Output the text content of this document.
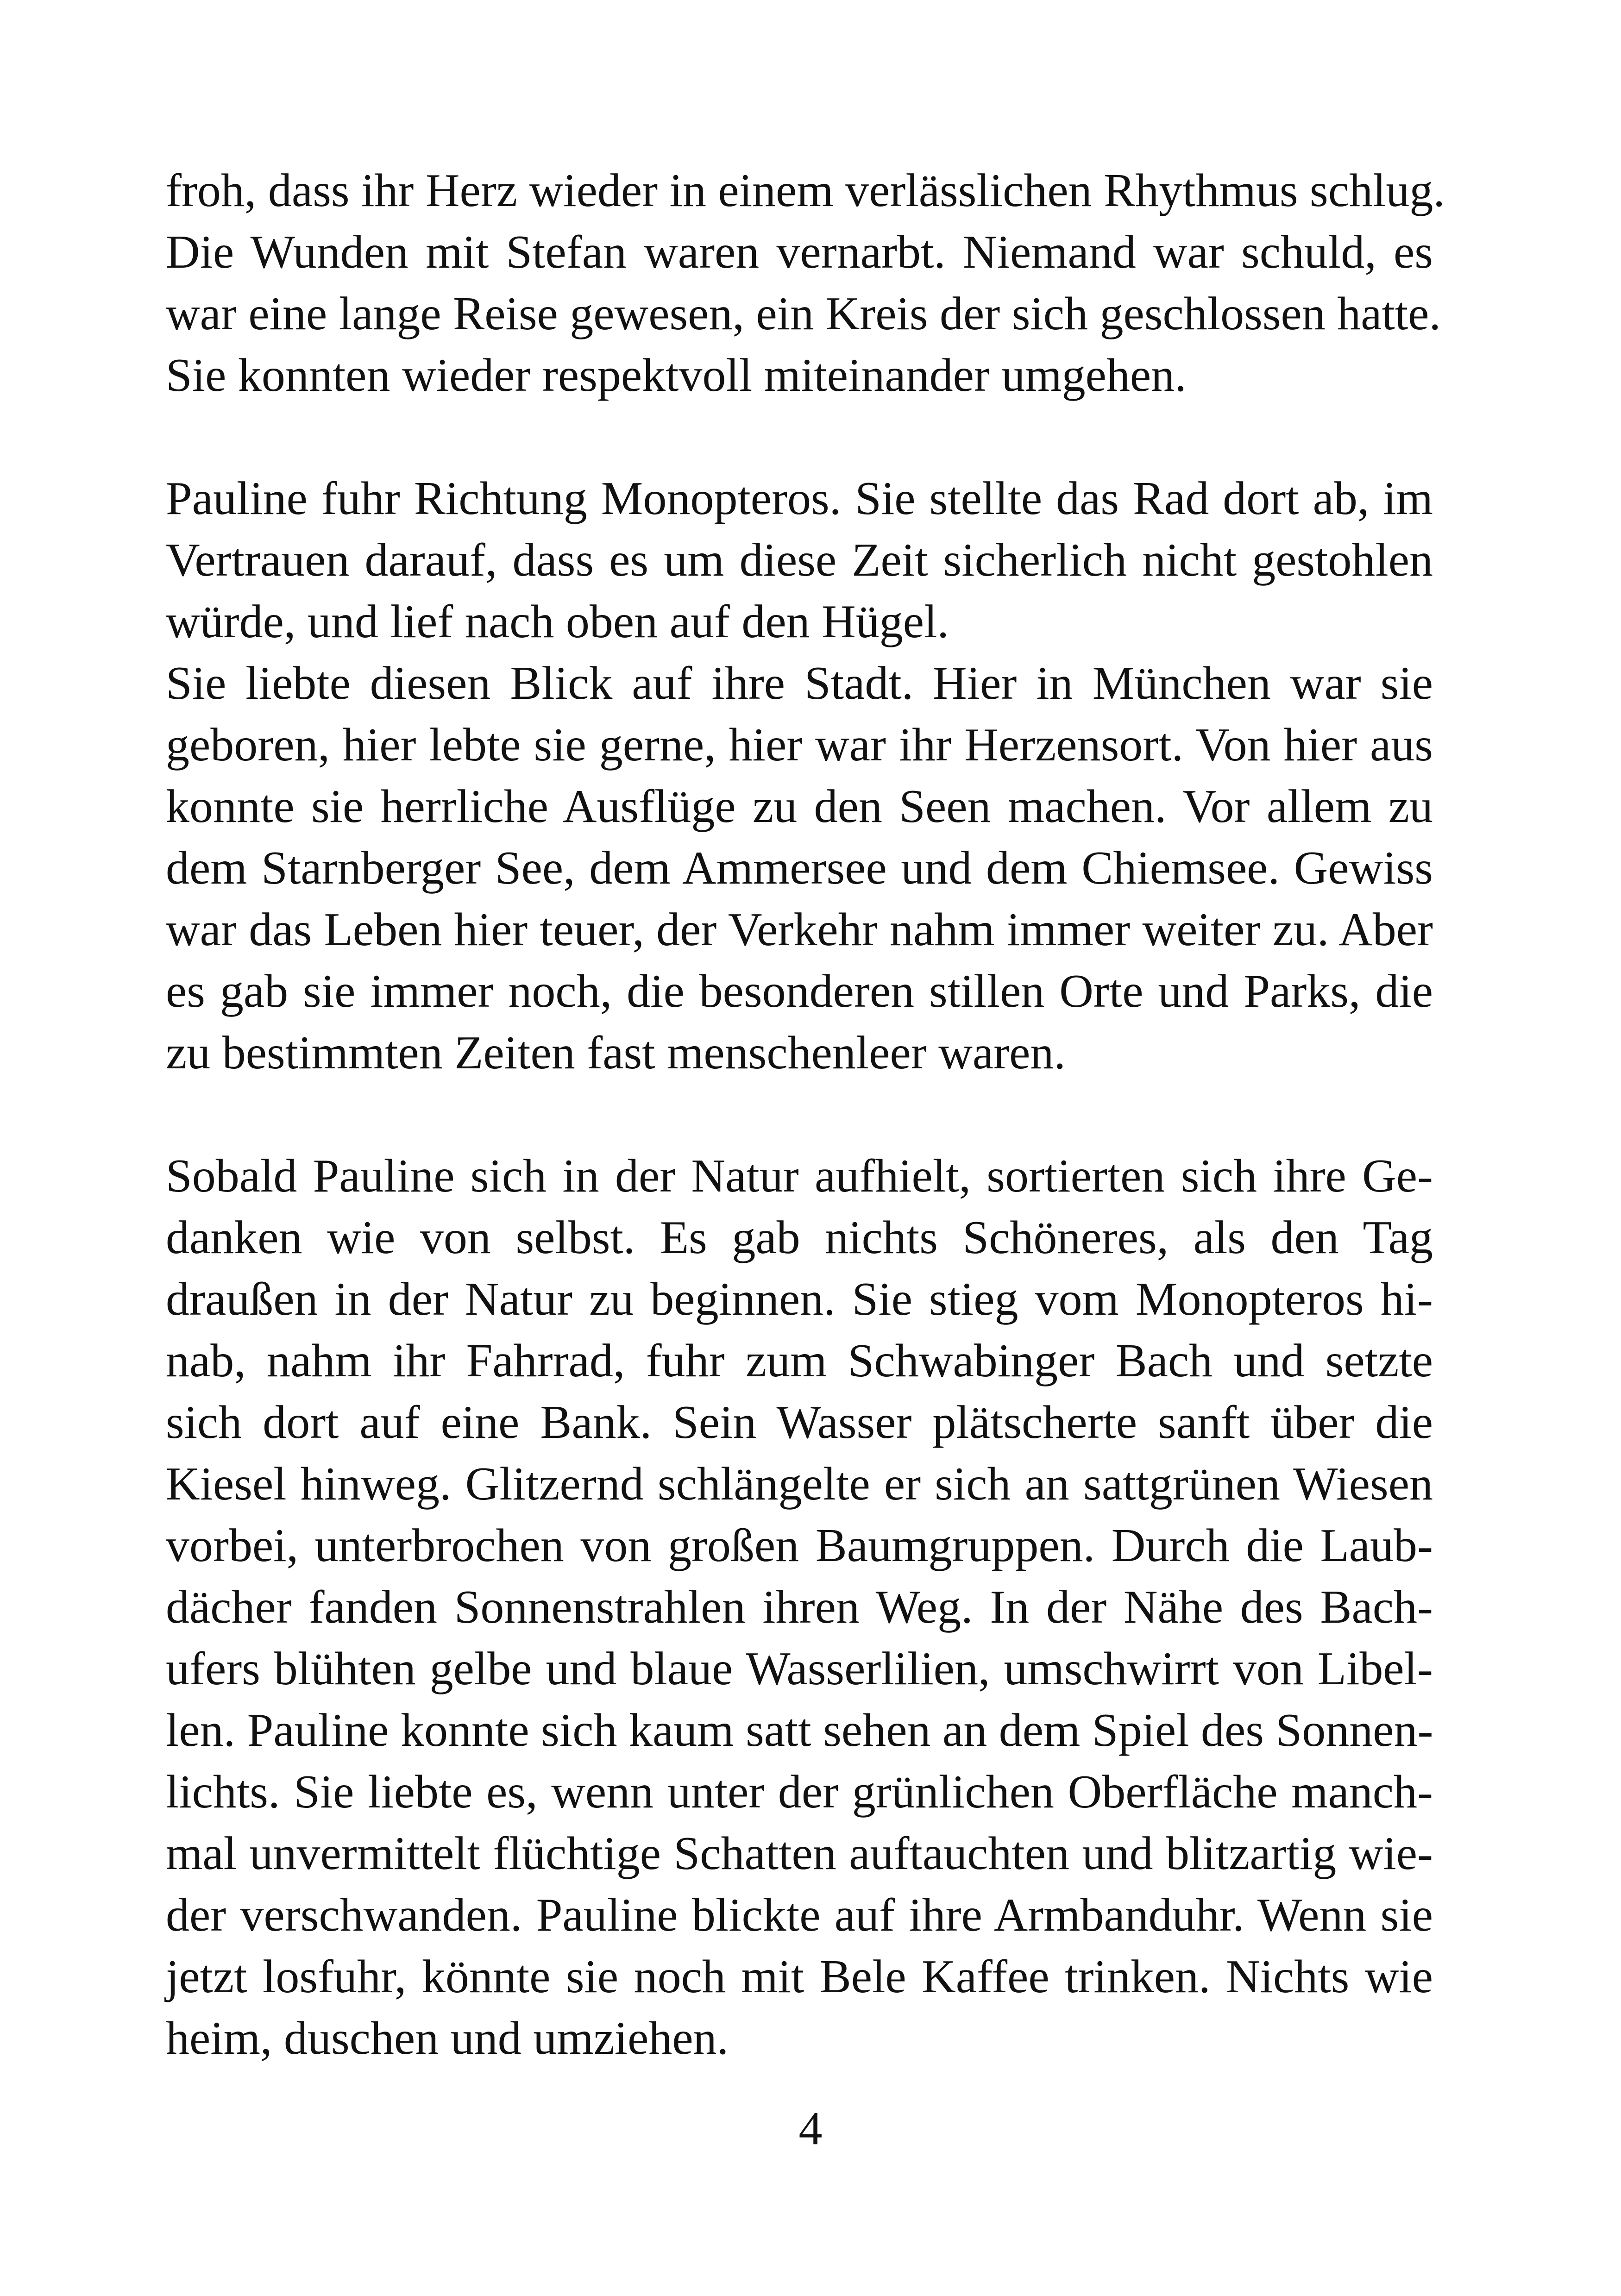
froh, dass ihr Herz wieder in einem verlässlichen Rhythmus schlug.
Die Wunden mit Stefan waren vernarbt. Niemand war schuld, es
war eine lange Reise gewesen, ein Kreis der sich geschlossen hatte.
Sie konnten wieder respektvoll miteinander umgehen.
Pauline fuhr Richtung Monopteros. Sie stellte das Rad dort ab, im
Vertrauen darauf, dass es um diese Zeit sicherlich nicht gestohlen
würde, und lief nach oben auf den Hügel.
Sie liebte diesen Blick auf ihre Stadt. Hier in München war sie
geboren, hier lebte sie gerne, hier war ihr Herzensort. Von hier aus
konnte sie herrliche Ausflüge zu den Seen machen. Vor allem zu
dem Starnberger See, dem Ammersee und dem Chiemsee. Gewiss
war das Leben hier teuer, der Verkehr nahm immer weiter zu. Aber
es gab sie immer noch, die besonderen stillen Orte und Parks, die
zu bestimmten Zeiten fast menschenleer waren.
Sobald Pauline sich in der Natur aufhielt, sortierten sich ihre Ge-
danken wie von selbst. Es gab nichts Schöneres, als den Tag
draußen in der Natur zu beginnen. Sie stieg vom Monopteros hi-
nab, nahm ihr Fahrrad, fuhr zum Schwabinger Bach und setzte
sich dort auf eine Bank. Sein Wasser plätscherte sanft über die
Kiesel hinweg. Glitzernd schlängelte er sich an sattgrünen Wiesen
vorbei, unterbrochen von großen Baumgruppen. Durch die Laub-
dächer fanden Sonnenstrahlen ihren Weg. In der Nähe des Bach-
ufers blühten gelbe und blaue Wasserlilien, umschwirrt von Libel-
len. Pauline konnte sich kaum satt sehen an dem Spiel des Sonnen-
lichts. Sie liebte es, wenn unter der grünlichen Oberfläche manch-
mal unvermittelt flüchtige Schatten auftauchten und blitzartig wie-
der verschwanden. Pauline blickte auf ihre Armbanduhr. Wenn sie
jetzt losfuhr, könnte sie noch mit Bele Kaffee trinken. Nichts wie
heim, duschen und umziehen.
4
